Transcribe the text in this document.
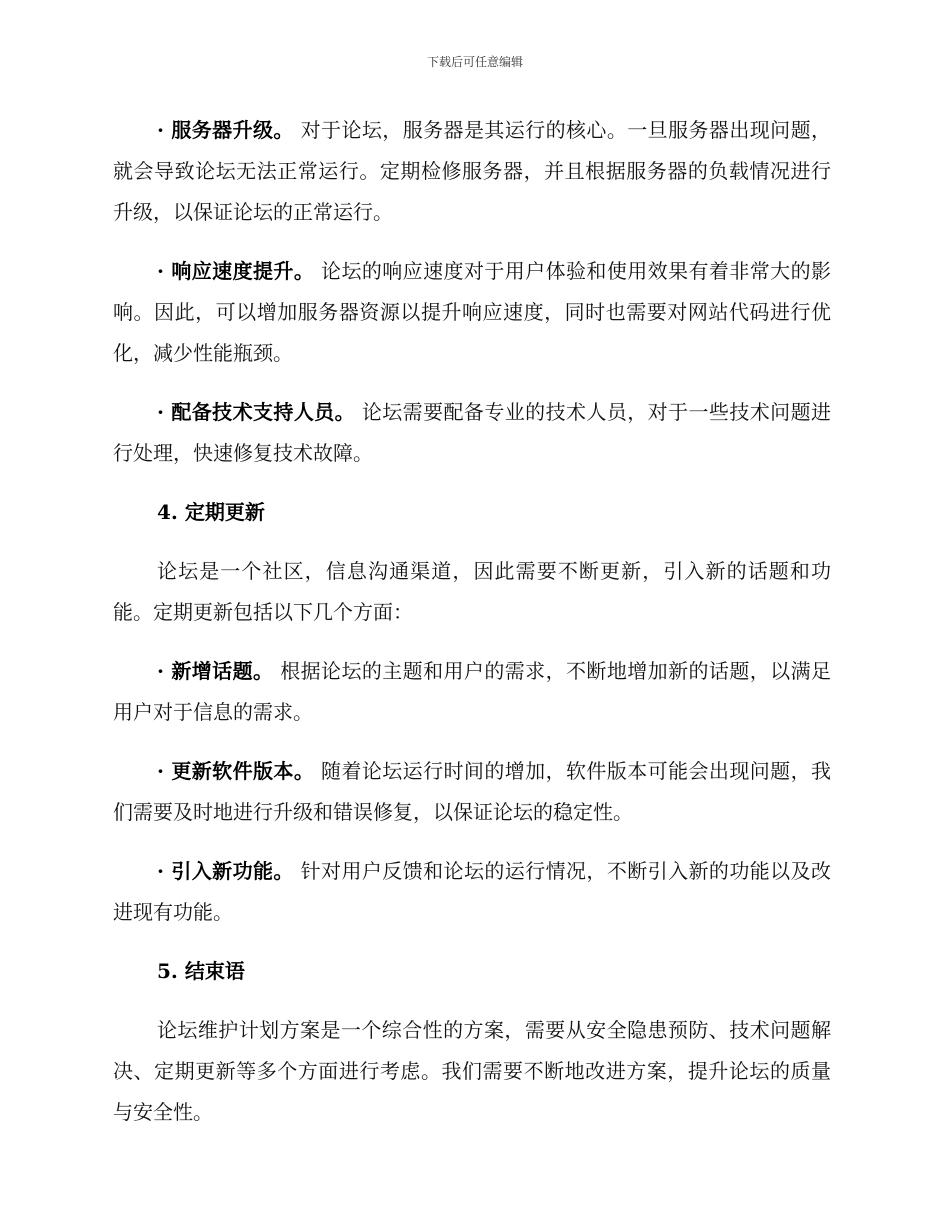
下载后可任意编辑

· 服务器升级。 对于论坛，服务器是其运行的核心。一旦服务器出现问题，就会导致论坛无法正常运行。定期检修服务器，并且根据服务器的负载情况进行升级，以保证论坛的正常运行。

· 响应速度提升。 论坛的响应速度对于用户体验和使用效果有着非常大的影响。因此，可以增加服务器资源以提升响应速度，同时也需要对网站代码进行优化，减少性能瓶颈。

· 配备技术支持人员。 论坛需要配备专业的技术人员，对于一些技术问题进行处理，快速修复技术故障。

4. 定期更新

论坛是一个社区，信息沟通渠道，因此需要不断更新，引入新的话题和功能。定期更新包括以下几个方面：

· 新增话题。 根据论坛的主题和用户的需求，不断地增加新的话题，以满足用户对于信息的需求。

· 更新软件版本。 随着论坛运行时间的增加，软件版本可能会出现问题，我们需要及时地进行升级和错误修复，以保证论坛的稳定性。

· 引入新功能。 针对用户反馈和论坛的运行情况，不断引入新的功能以及改进现有功能。

5. 结束语

论坛维护计划方案是一个综合性的方案，需要从安全隐患预防、技术问题解决、定期更新等多个方面进行考虑。我们需要不断地改进方案，提升论坛的质量与安全性。
